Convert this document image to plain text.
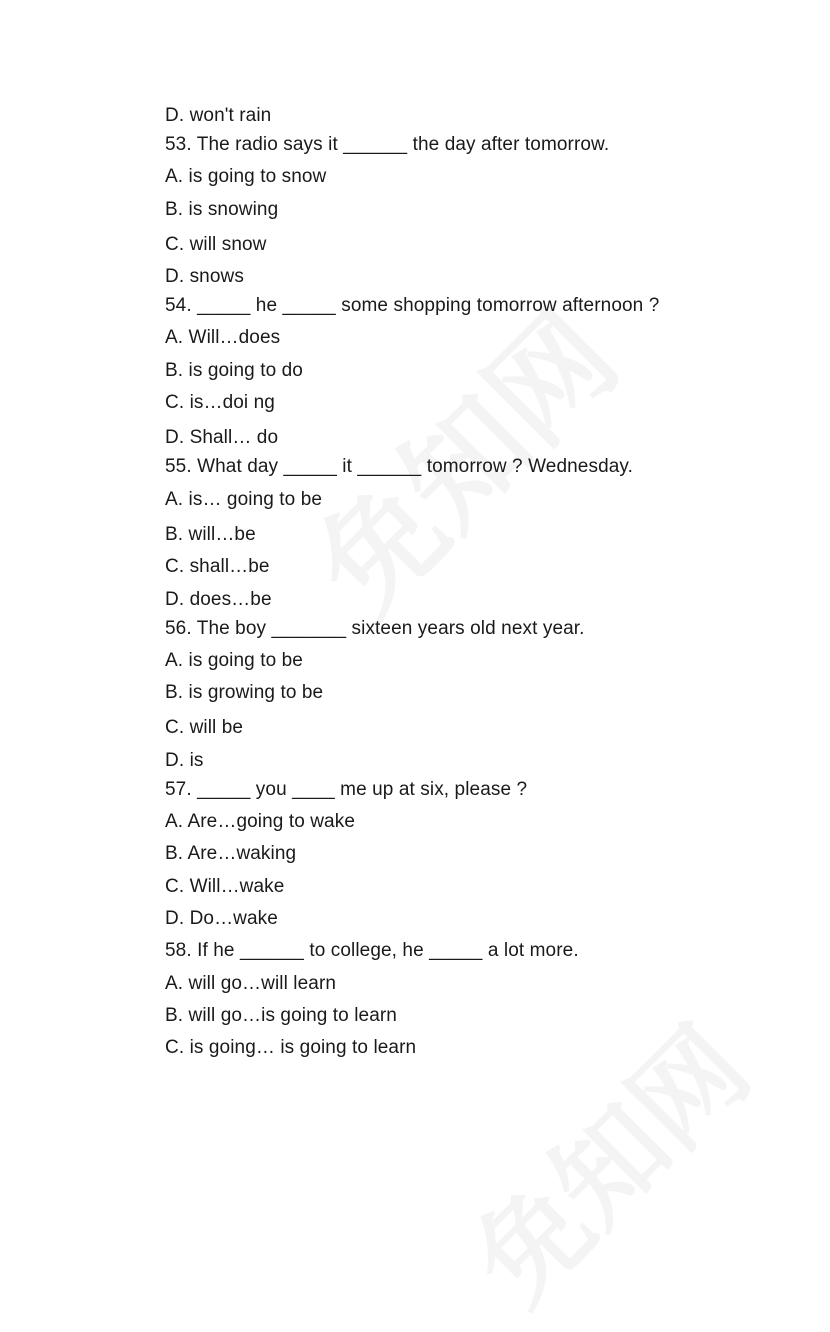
D. won't rain
53. The radio says it ______ the day after tomorrow.
A. is going to snow
B. is snowing
C. will snow
D. snows
54. _____ he _____ some shopping tomorrow afternoon ?
A. Will…does
B. is going to do
C. is…doi ng
D. Shall… do
55. What day _____ it ______ tomorrow ? Wednesday.
A. is… going to be
B. will…be
C. shall…be
D. does…be
56. The boy _______ sixteen years old next year.
A. is going to be
B. is growing to be
C. will be
D. is
57. _____ you ____ me up at six, please ?
A. Are…going to wake
B. Are…waking
C. Will…wake
D. Do…wake
58. If he ______ to college, he _____ a lot more.
A. will go…will learn
B. will go…is going to learn
C. is going… is going to learn
